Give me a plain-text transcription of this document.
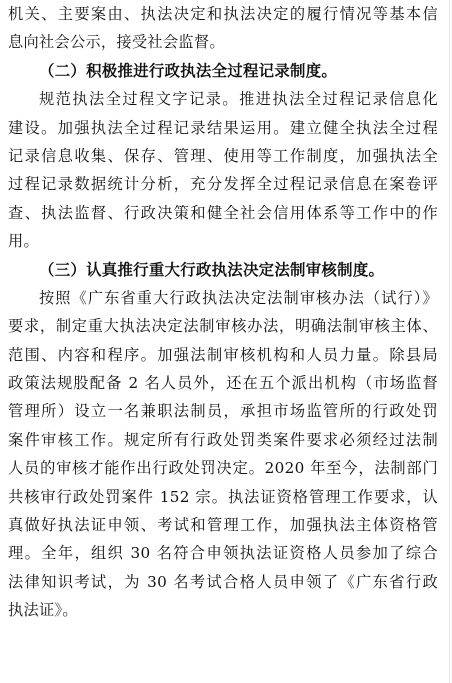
机关、主要案由、执法决定和执法决定的履行情况等基本信
息向社会公示，接受社会监督。
（二）积极推进行政执法全过程记录制度。
规范执法全过程文字记录。推进执法全过程记录信息化
建设。加强执法全过程记录结果运用。建立健全执法全过程
记录信息收集、保存、管理、使用等工作制度，加强执法全
过程记录数据统计分析，充分发挥全过程记录信息在案卷评
查、执法监督、行政决策和健全社会信用体系等工作中的作
用。
（三）认真推行重大行政执法决定法制审核制度。
按照《广东省重大行政执法决定法制审核办法（试行）》
要求，制定重大执法决定法制审核办法，明确法制审核主体、
范围、内容和程序。加强法制审核机构和人员力量。除县局
政策法规股配备 2 名人员外，还在五个派出机构（市场监督
管理所）设立一名兼职法制员，承担市场监管所的行政处罚
案件审核工作。规定所有行政处罚类案件要求必须经过法制
人员的审核才能作出行政处罚决定。2020 年至今，法制部门
共核审行政处罚案件 152 宗。执法证资格管理工作要求，认
真做好执法证申领、考试和管理工作，加强执法主体资格管
理。全年，组织 30 名符合申领执法证资格人员参加了综合
法律知识考试，为 30 名考试合格人员申领了《广东省行政
执法证》。
